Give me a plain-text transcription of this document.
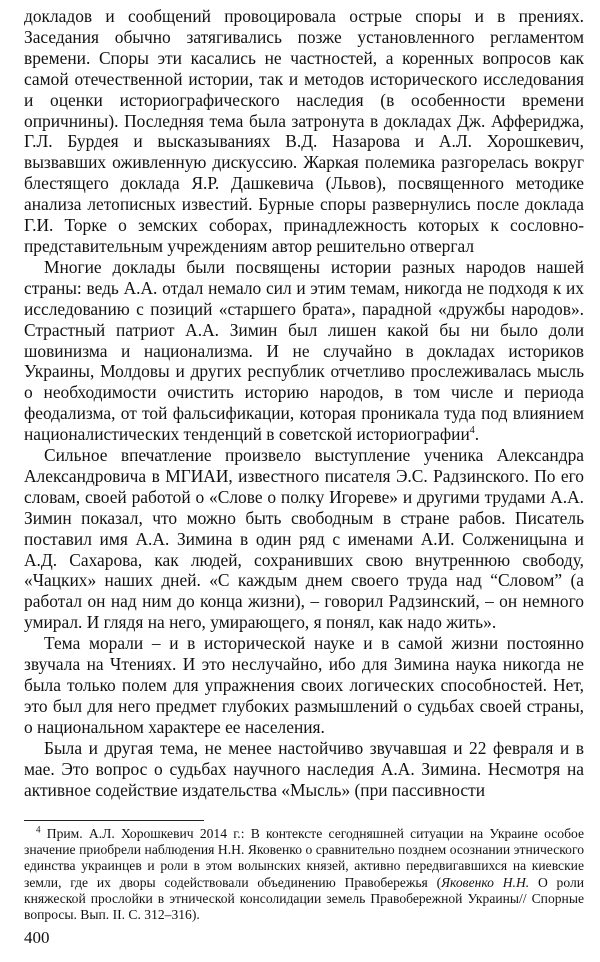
докладов и сообщений провоцировала острые споры и в прениях. Заседания обычно затягивались позже установленного регламентом времени. Споры эти касались не частностей, а коренных вопросов как самой отечественной истории, так и методов исторического исследования и оценки историографического наследия (в особенности времени опричнины). Последняя тема была затронута в докладах Дж. Аффериджа, Г.Л. Бурдея и высказываниях В.Д. Назарова и А.Л. Хорошкевич, вызвавших оживленную дискуссию. Жаркая полемика разгорелась вокруг блестящего доклада Я.Р. Дашкевича (Львов), посвященного методике анализа летописных известий. Бурные споры развернулись после доклада Г.И. Торке о земских соборах, принадлежность которых к сословно-представительным учреждениям автор решительно отвергал

Многие доклады были посвящены истории разных народов нашей страны: ведь А.А. отдал немало сил и этим темам, никогда не подходя к их исследованию с позиций «старшего брата», парадной «дружбы народов». Страстный патриот А.А. Зимин был лишен какой бы ни было доли шовинизма и национализма. И не случайно в докладах историков Украины, Молдовы и других республик отчетливо прослеживалась мысль о необходимости очистить историю народов, в том числе и периода феодализма, от той фальсификации, которая проникала туда под влиянием националистических тенденций в советской историографии$^4$.

Сильное впечатление произвело выступление ученика Александра Александровича в МГИАИ, известного писателя Э.С. Радзинского. По его словам, своей работой о «Слове о полку Игореве» и другими трудами А.А. Зимин показал, что можно быть свободным в стране рабов. Писатель поставил имя А.А. Зимина в один ряд с именами А.И. Солженицына и А.Д. Сахарова, как людей, сохранивших свою внутреннюю свободу, «Чацких» наших дней. «С каждым днем своего труда над “Словом” (а работал он над ним до конца жизни), – говорил Радзинский, – он немного умирал. И глядя на него, умирающего, я понял, как надо жить».

Тема морали – и в исторической науке и в самой жизни постоянно звучала на Чтениях. И это неслучайно, ибо для Зимина наука никогда не была только полем для упражнения своих логических способностей. Нет, это был для него предмет глубоких размышлений о судьбах своей страны, о национальном характере ее населения.

Была и другая тема, не менее настойчиво звучавшая и 22 февраля и в мае. Это вопрос о судьбах научного наследия А.А. Зимина. Несмотря на активное содействие издательства «Мысль» (при пассивности

$^4$ Прим. А.Л. Хорошкевич 2014 г.: В контексте сегодняшней ситуации на Украине особое значение приобрели наблюдения Н.Н. Яковенко о сравнительно позднем осознании этнического единства украинцев и роли в этом волынских князей, активно передвигавшихся на киевские земли, где их дворы содействовали объединению Правобережья (Яковенко Н.Н. О роли княжеской прослойки в этнической консолидации земель Правобережной Украины// Спорные вопросы. Вып. II. С. 312–316).

400
